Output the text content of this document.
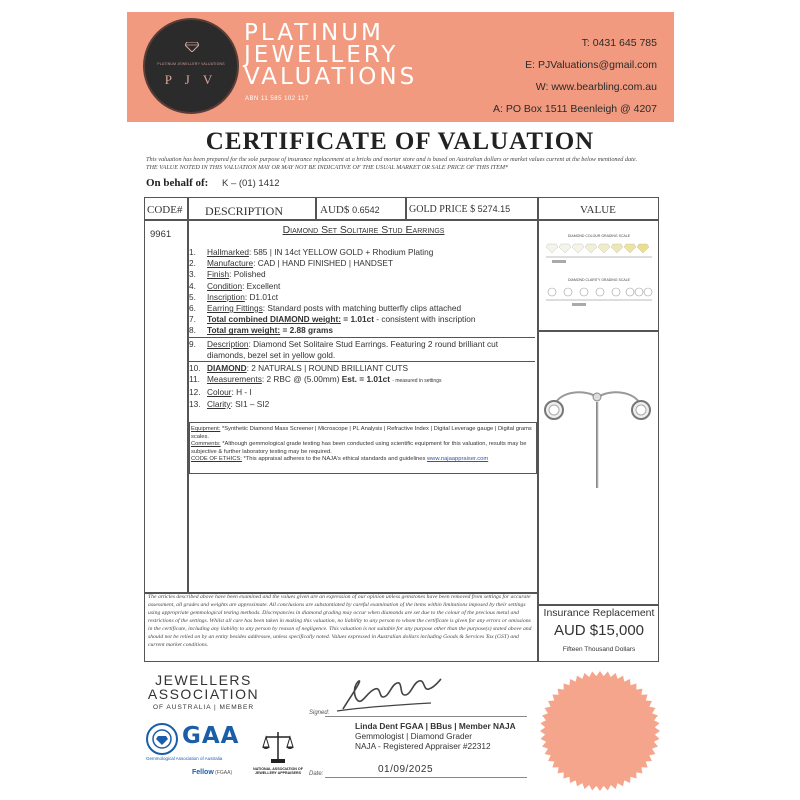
PLATINUM JEWELLERY VALUATIONS
P J V
PLATINUM
JEWELLERY
VALUATIONS
ABN 11 585 102 117
T: 0431 645 785
E: PJValuations@gmail.com
W: www.bearbling.com.au
A: PO Box 1511 Beenleigh @ 4207
CERTIFICATE OF VALUATION
This valuation has been prepared for the sole purpose of insurance replacement at a bricks and mortar store and is based on Australian dollars or market values current at the below mentioned date.
THE VALUE NOTED IN THIS VALUATION MAY OR MAY NOT BE INDICATIVE OF THE USUAL MARKET OR SALE PRICE OF THIS ITEM*
On behalf of: K – (01) 1412
CODE# DESCRIPTION	AUD$ 0.6542	GOLD PRICE $ 5274.15	VALUE
9961	Diamond Set Solitaire Stud Earrings
1.	Hallmarked: 585 | IN 14ct YELLOW GOLD + Rhodium Plating
2.	Manufacture: CAD | HAND FINISHED | HANDSET
3.	Finish: Polished
4.	Condition: Excellent
5.	Inscription: D1.01ct
6.	Earring Fittings: Standard posts with matching butterfly clips attached
7.	Total combined DIAMOND weight: = 1.01ct - consistent with inscription
8.	Total gram weight: = 2.88 grams
9.	Description: Diamond Set Solitaire Stud Earrings. Featuring 2 round brilliant cut diamonds, bezel set in yellow gold.
10. DIAMOND: 2 NATURALS | ROUND BRILLIANT CUTS
11. Measurements: 2 RBC @ (5.00mm) Est. = 1.01ct - measured in settings
12. Colour: H - I
13. Clarity: SI1 – SI2
Equipment: *Synthetic Diamond Mass Screener | Microscope | PL Analysis | Refractive Index | Digital Leverage gauge | Digital grams scales.
Comments: *Although gemmological grade testing has been conducted using scientific equipment for this valuation, results may be subjective & further laboratory testing may be required.
CODE OF ETHICS: *This appraisal adheres to the NAJA's ethical standards and guidelines www.najaappraiser.com
The articles described above have been examined and the values given are an expression of our opinion unless gemstones have been removed from settings for accurate assessment, all grades and weights are approximate. All conclusions are substantiated by careful examination of the items within limitations imposed by their settings using appropriate gemmological testing methods. Discrepancies in diamond grading may occur when diamonds are set due to the colour of the precious metal and restrictions of the settings. Whilst all care has been taken in making this valuation, no liability to any person to whom the certificate is given for any errors or omissions in the certificate, including any liability to any person by reason of negligence. This valuation is not suitable for any purpose other than the purpose(s) stated above and should not be relied on by an entity besides addressee, unless specifically noted. Values expressed in Australian dollars including Goods & Services Tax (GST) and current market conditions.
DIAMOND COLOUR GRADING SCALE
DIAMOND CLARITY GRADING SCALE
Insurance Replacement
AUD $15,000
Fifteen Thousand Dollars
JEWELLERS
ASSOCIATION
OF AUSTRALIA | MEMBER
GAA
Gemmological Association of Australia
Fellow (FGAA)
NATIONAL ASSOCIATION OF JEWELLERY APPRAISERS
Signed:
Linda Dent FGAA | BBus | Member NAJA
Gemmologist | Diamond Grader
NAJA - Registered Appraiser #22312
01/09/2025
Date:
